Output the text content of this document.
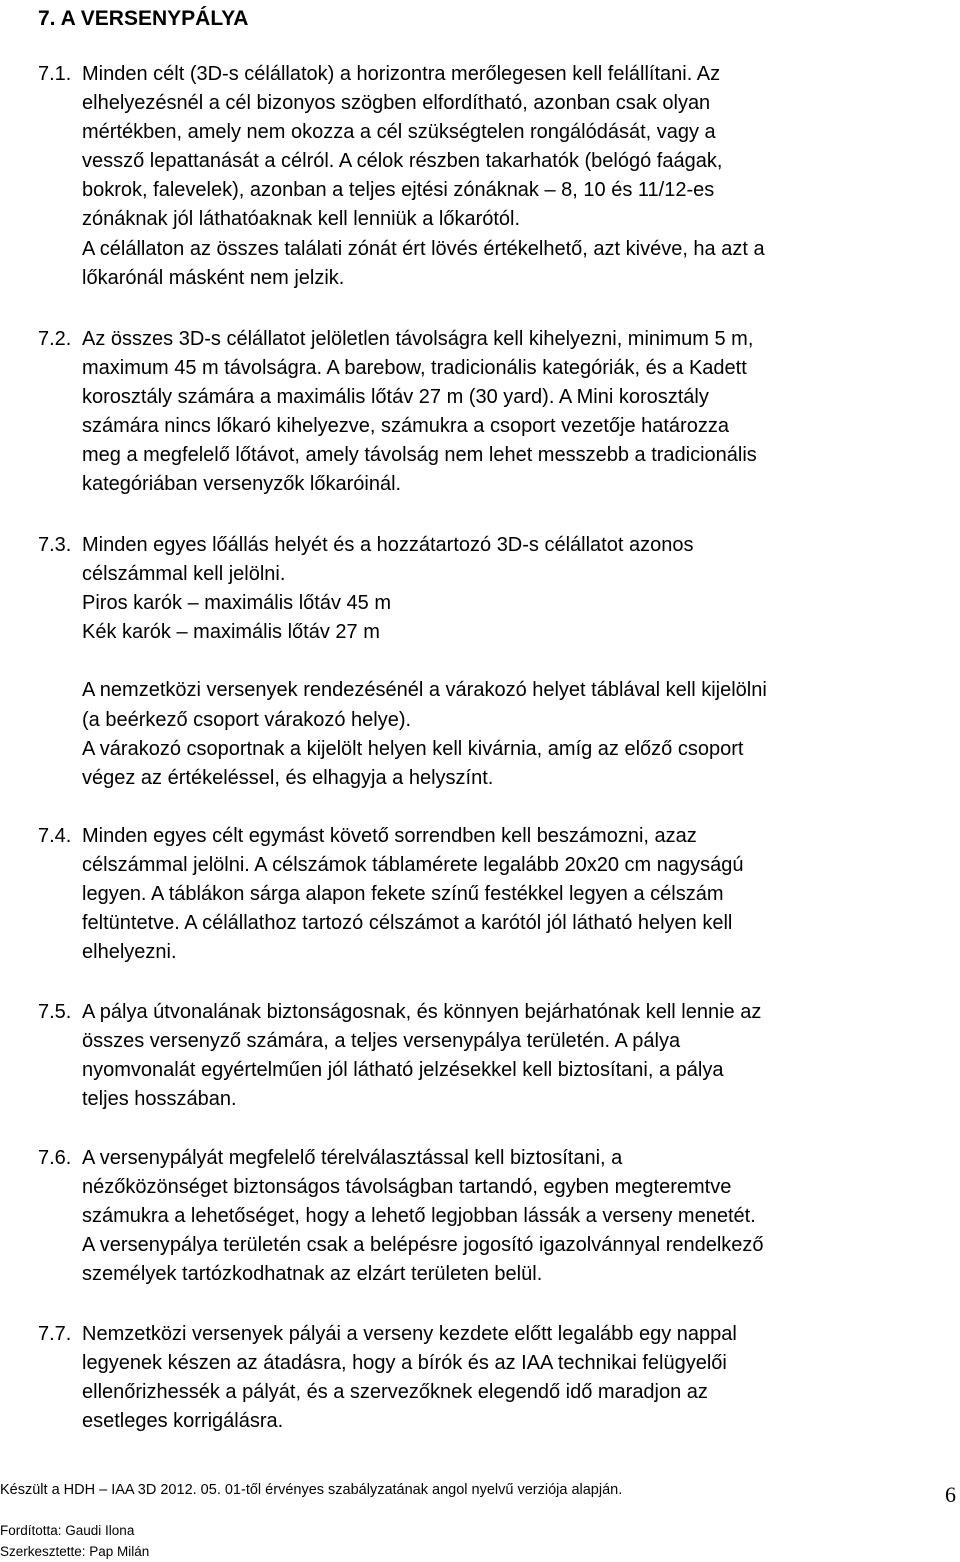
7. A VERSENYPÁLYA
7.1. Minden célt (3D-s célállatok) a horizontra merőlegesen kell felállítani. Az
elhelyezésnél a cél bizonyos szögben elfordítható, azonban csak olyan
mértékben, amely nem okozza a cél szükségtelen rongálódását, vagy a
vessző lepattanását a célról. A célok részben takarhatók (belógó faágak,
bokrok, falevelek), azonban a teljes ejtési zónáknak – 8, 10 és 11/12-es
zónáknak jól láthatóaknak kell lenniük a lőkarótól.
A célállaton az összes találati zónát ért lövés értékelhető, azt kivéve, ha azt a
lőkarónál másként nem jelzik.
7.2. Az összes 3D-s célállatot jelöletlen távolságra kell kihelyezni, minimum 5 m,
maximum 45 m távolságra. A barebow, tradicionális kategóriák, és a Kadett
korosztály számára a maximális lőtáv 27 m (30 yard). A Mini korosztály
számára nincs lőkaró kihelyezve, számukra a csoport vezetője határozza
meg a megfelelő lőtávot, amely távolság nem lehet messzebb a tradicionális
kategóriában versenyzők lőkaróinál.
7.3. Minden egyes lőállás helyét és a hozzátartozó 3D-s célállatot azonos
célszámmal kell jelölni.
Piros karók – maximális lőtáv 45 m
Kék karók – maximális lőtáv 27 m
A nemzetközi versenyek rendezésénél a várakozó helyet táblával kell kijelölni
(a beérkező csoport várakozó helye).
A várakozó csoportnak a kijelölt helyen kell kivárnia, amíg az előző csoport
végez az értékeléssel, és elhagyja a helyszínt.
7.4. Minden egyes célt egymást követő sorrendben kell beszámozni, azaz
célszámmal jelölni. A célszámok táblamérete legalább 20x20 cm nagyságú
legyen. A táblákon sárga alapon fekete színű festékkel legyen a célszám
feltüntetve. A célállathoz tartozó célszámot a karótól jól látható helyen kell
elhelyezni.
7.5. A pálya útvonalának biztonságosnak, és könnyen bejárhatónak kell lennie az
összes versenyző számára, a teljes versenypálya területén. A pálya
nyomvonalát egyértelműen jól látható jelzésekkel kell biztosítani, a pálya
teljes hosszában.
7.6. A versenypályát megfelelő térelválasztással kell biztosítani, a
nézőközönséget biztonságos távolságban tartandó, egyben megteremtve
számukra a lehetőséget, hogy a lehető legjobban lássák a verseny menetét.
A versenypálya területén csak a belépésre jogosító igazolvánnyal rendelkező
személyek tartózkodhatnak az elzárt területen belül.
7.7. Nemzetközi versenyek pályái a verseny kezdete előtt legalább egy nappal
legyenek készen az átadásra, hogy a bírók és az IAA technikai felügyelői
ellenőrizhessék a pályát, és a szervezőknek elegendő idő maradjon az
esetleges korrigálásra.
Készült a HDH – IAA 3D 2012. 05. 01-től érvényes szabályzatának angol nyelvű verziója alapján.	6
Fordította: Gaudi Ilona
Szerkesztette: Pap Milán
